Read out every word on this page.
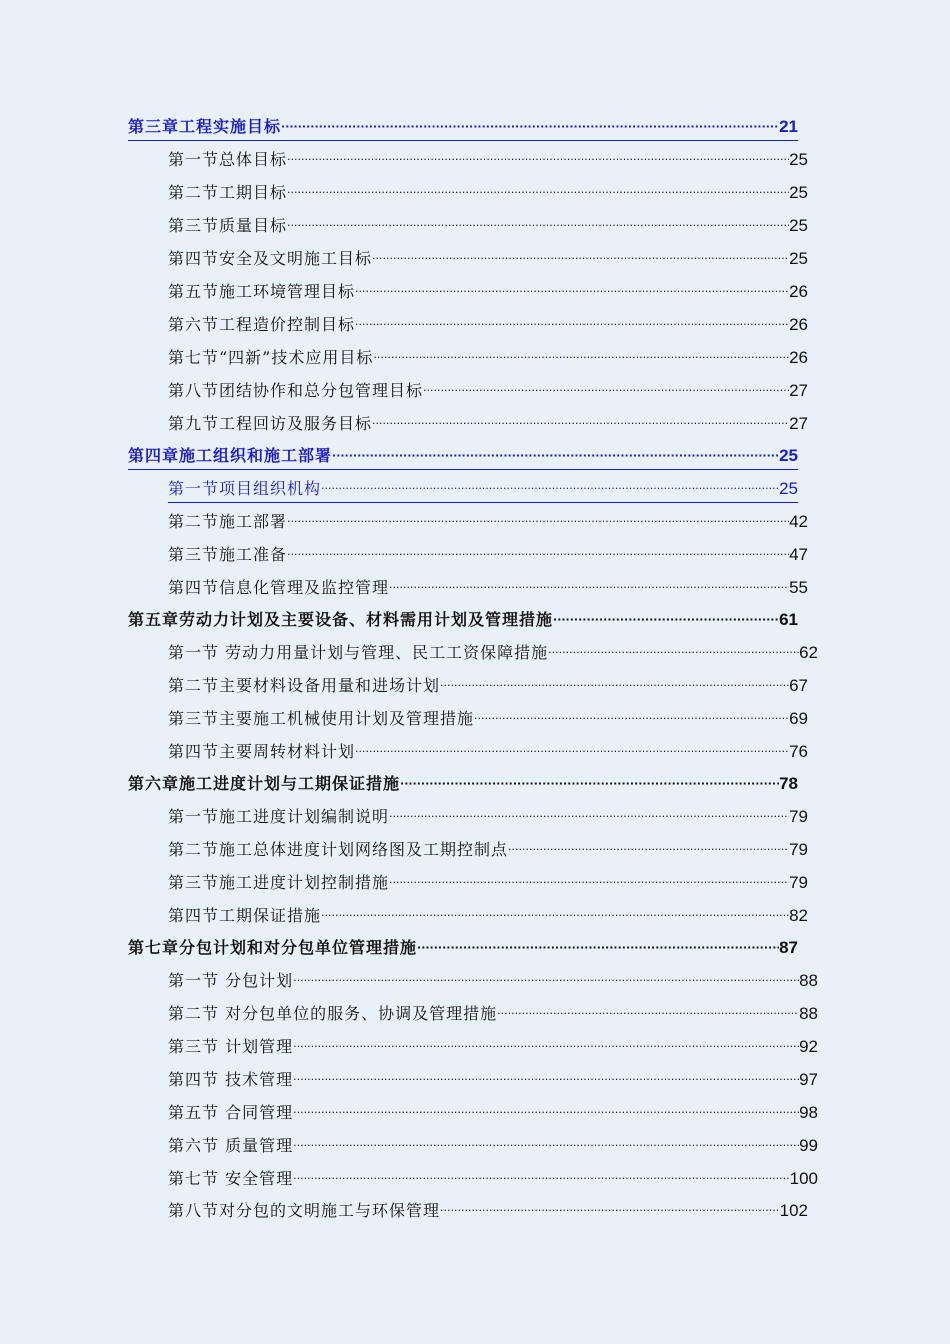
第三章工程实施目标 ·····	21
第一节总体目标 ·····	25
第二节工期目标 ·····	25
第三节质量目标 ·····	25
第四节安全及文明施工目标 ·····	25
第五节施工环境管理目标 ·····	26
第六节工程造价控制目标 ·····	26
第七节“四新”技术应用目标 ·····	26
第八节团结协作和总分包管理目标 ·····	27
第九节工程回访及服务目标 ·····	27
第四章施工组织和施工部署 ·····	25
第一节项目组织机构 ·····	25
第二节施工部署 ·····	42
第三节施工准备 ·····	47
第四节信息化管理及监控管理 ·····	55
第五章劳动力计划及主要设备、材料需用计划及管理措施 ·····	61
第一节 劳动力用量计划与管理、民工工资保障措施 ·····	62
第二节主要材料设备用量和进场计划 ·····	67
第三节主要施工机械使用计划及管理措施 ·····	69
第四节主要周转材料计划 ·····	76
第六章施工进度计划与工期保证措施 ·····	78
第一节施工进度计划编制说明 ·····	79
第二节施工总体进度计划网络图及工期控制点 ·····	79
第三节施工进度计划控制措施 ·····	79
第四节工期保证措施 ·····	82
第七章分包计划和对分包单位管理措施 ·····	87
第一节 分包计划 ·····	88
第二节 对分包单位的服务、协调及管理措施 ·····	88
第三节 计划管理 ·····	92
第四节 技术管理 ·····	97
第五节 合同管理 ·····	98
第六节 质量管理 ·····	99
第七节 安全管理 ·····	100
第八节对分包的文明施工与环保管理 ·····	102
